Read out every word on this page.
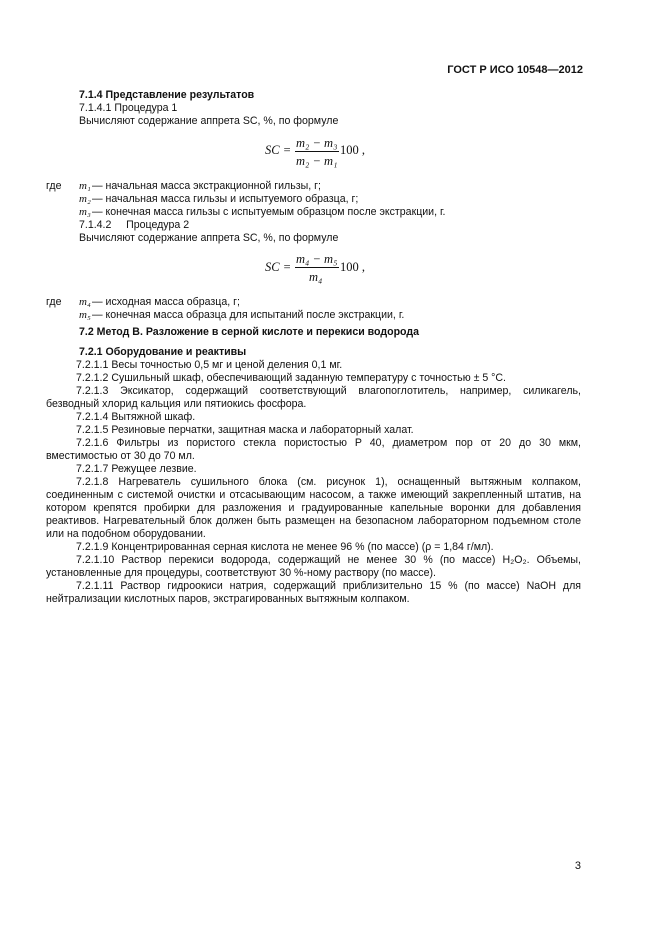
ГОСТ Р ИСО 10548—2012
7.1.4 Представление результатов
7.1.4.1 Процедура 1
Вычисляют содержание аппрета SC, %, по формуле
SC = m₂ − m₃
m₂ − m₁
100 ,
где m₁ — начальная масса экстракционной гильзы, г;
m₂ — начальная масса гильзы и испытуемого образца, г;
m₃ — конечная масса гильзы с испытуемым образцом после экстракции, г.
7.1.4.2     Процедура 2
Вычисляют содержание аппрета SC, %, по формуле
SC =
m₄ − m₅
m₄
100 ,
где m₄ — исходная масса образца, г;
m₅ — конечная масса образца для испытаний после экстракции, г.
7.2 Метод В. Разложение в серной кислоте и перекиси водорода
7.2.1 Оборудование и реактивы
7.2.1.1 Весы точностью 0,5 мг и ценой деления 0,1 мг.
7.2.1.2 Сушильный шкаф, обеспечивающий заданную температуру с точностью ± 5 °C.
7.2.1.3 Эксикатор, содержащий соответствующий влагопоглотитель, например, силикагель, безводный хлорид кальция или пятиокись фосфора.
7.2.1.4 Вытяжной шкаф.
7.2.1.5 Резиновые перчатки, защитная маска и лабораторный халат.
7.2.1.6 Фильтры из пористого стекла пористостью P 40, диаметром пор от 20 до 30 мкм, вместимостью от 30 до 70 мл.
7.2.1.7 Режущее лезвие.
7.2.1.8 Нагреватель сушильного блока (см. рисунок 1), оснащенный вытяжным колпаком, соединенным с системой очистки и отсасывающим насосом, а также имеющий закрепленный штатив, на котором крепятся пробирки для разложения и градуированные капельные воронки для добавления реактивов. Нагревательный блок должен быть размещен на безопасном лабораторном подъемном столе или на подобном оборудовании.
7.2.1.9 Концентрированная серная кислота не менее 96 % (по массе) (ρ = 1,84 г/мл).
7.2.1.10 Раствор перекиси водорода, содержащий не менее 30 % (по массе) H₂O₂. Объемы, установленные для процедуры, соответствуют 30 %-ному раствору (по массе).
7.2.1.11 Раствор гидроокиси натрия, содержащий приблизительно 15 % (по массе) NaOH для нейтрализации кислотных паров, экстрагированных вытяжным колпаком.
3
